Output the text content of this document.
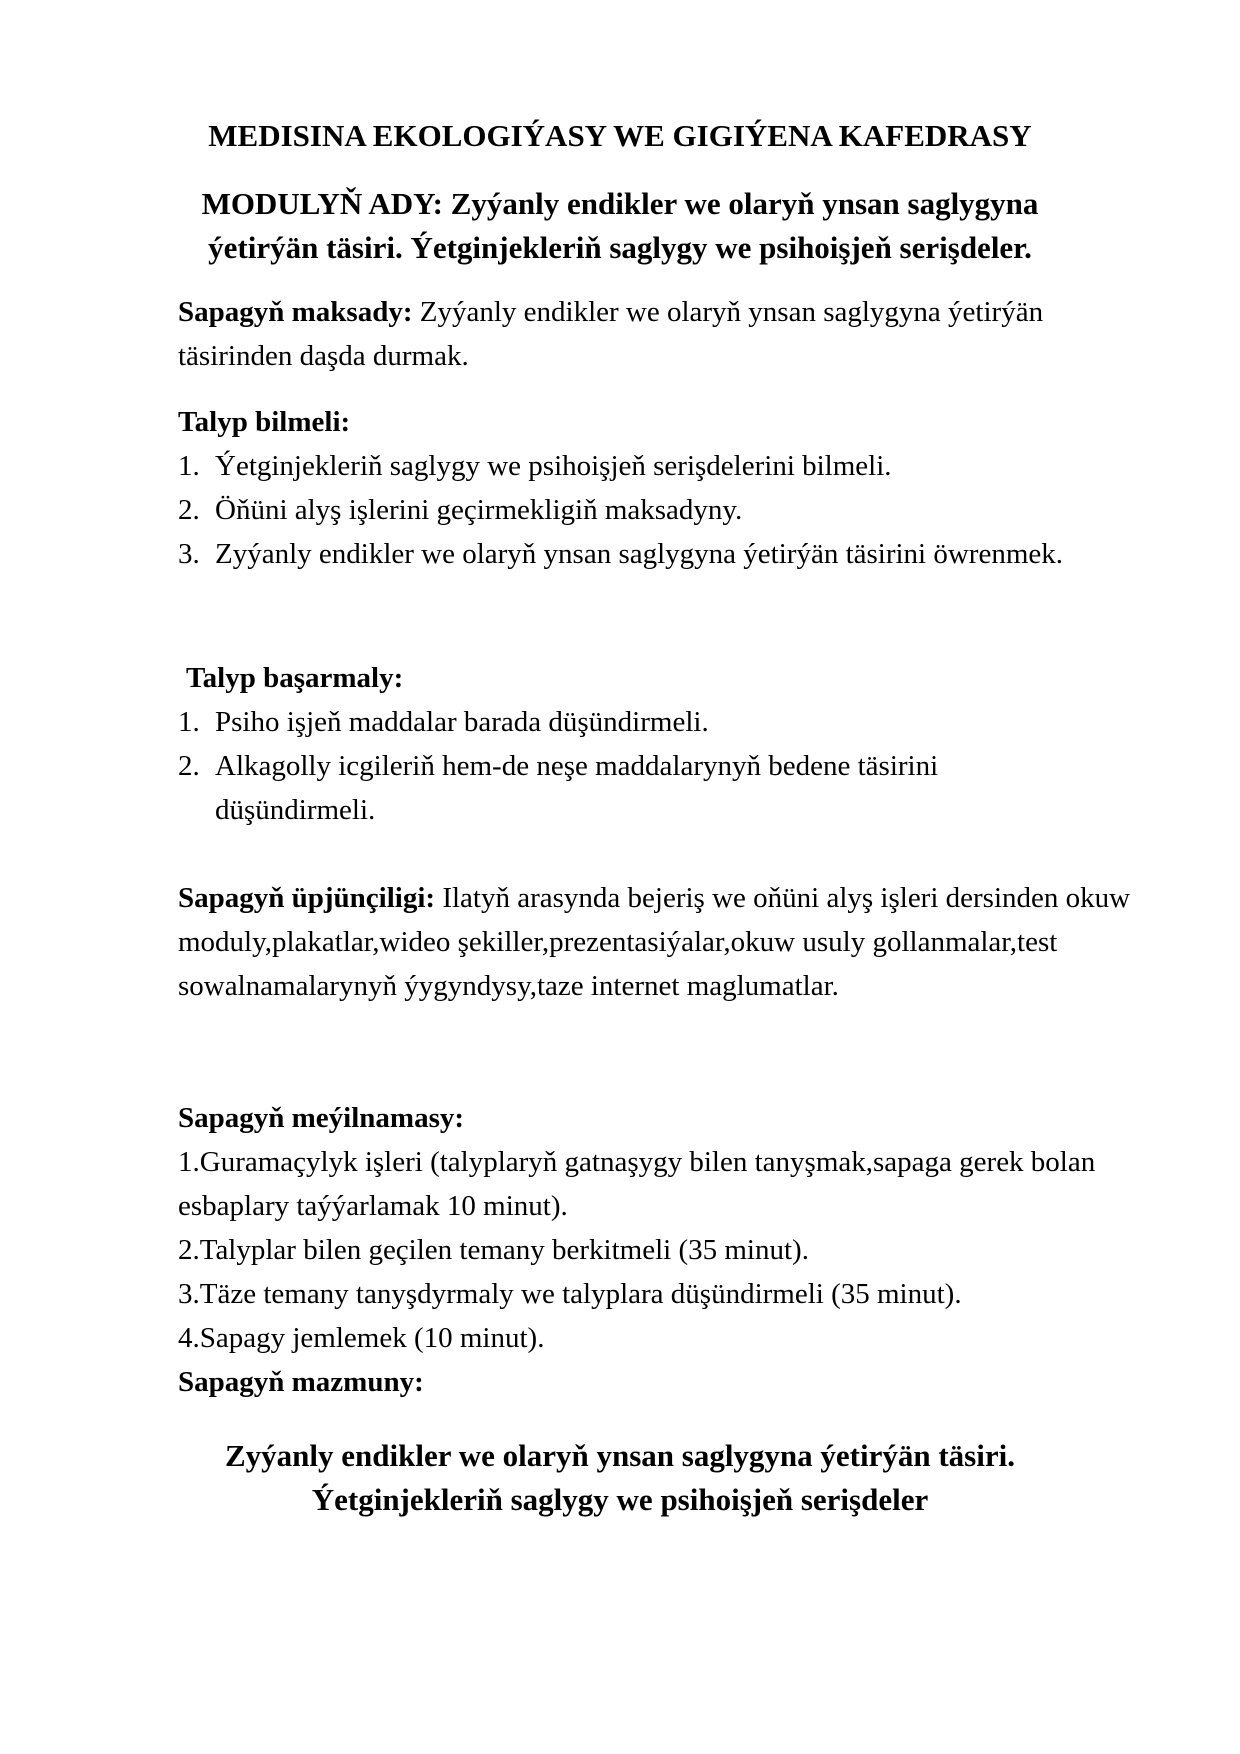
MEDISINA EKOLOGIÝASY WE GIGIÝENA KAFEDRASY
MODULYŇ ADY: Zyýanly endikler we olaryň ynsan saglygyna
ýetirýän täsiri. Ýetginjekleriň saglygy we psihoişjeň serişdeler.

Sapagyň maksady: Zyýanly endikler we olaryň ynsan saglygyna ýetirýän täsirinden daşda durmak.

Talyp bilmeli:

1. Ýetginjekleriň saglygy we psihoişjeň serişdelerini bilmeli.
2. Öňüni alyş işlerini geçirmekligiň maksadyny.
3. Zyýanly endikler we olaryň ynsan saglygyna ýetirýän täsirini öwrenmek.

Talyp başarmaly:

1. Psiho işjeň maddalar barada düşündirmeli.
2. Alkagolly icgileriň hem-de neşe maddalarynyň bedene täsirini düşündirmeli.

Sapagyň üpjünçiligi: Ilatyň arasynda bejeriş we oňüni alyş işleri dersinden okuw moduly,plakatlar,wideo şekiller,prezentasiýalar,okuw usuly gollanmalar,test sowalnamalarynyň ýygyndysy,taze internet maglumatlar.

Sapagyň meýilnamasy:

1.Guramaçylyk işleri (talyplaryň gatnaşygy bilen tanyşmak,sapaga gerek bolan esbaplary taýýarlamak 10 minut).

2.Talyplar bilen geçilen temany berkitmeli (35 minut).

3.Täze temany tanyşdyrmaly we talyplara düşündirmeli (35 minut).

4.Sapagy jemlemek (10 minut).

Sapagyň mazmuny:

Zyýanly endikler we olaryň ynsan saglygyna ýetirýän täsiri.
Ýetginjekleriň saglygy we psihoişjeň serişdeler
